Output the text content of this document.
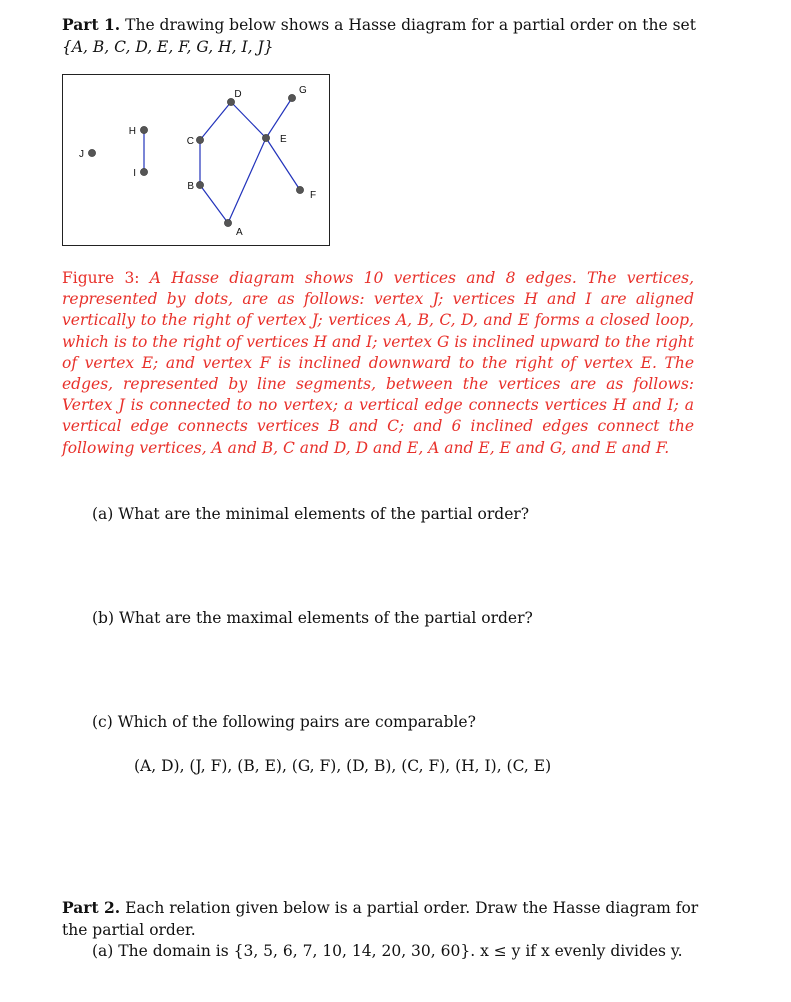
Part 1. The drawing below shows a Hasse diagram for a partial order on the set
{A, B, C, D, E, F, G, H, I, J}
A
B
C
D
E
F
G
H
I
J
Figure 3: A Hasse diagram shows 10 vertices and 8 edges. The vertices, represented by dots, are as follows: vertex J; vertices H and I are aligned vertically to the right of vertex J; vertices A, B, C, D, and E forms a closed loop, which is to the right of vertices H and I; vertex G is inclined upward to the right of vertex E; and vertex F is inclined downward to the right of vertex E. The edges, represented by line segments, between the vertices are as follows: Vertex J is connected to no vertex; a vertical edge connects vertices H and I; a vertical edge connects vertices B and C; and 6 inclined edges connect the following vertices, A and B, C and D, D and E, A and E, E and G, and E and F.
(a) What are the minimal elements of the partial order?
(b) What are the maximal elements of the partial order?
(c) Which of the following pairs are comparable?
(A, D), (J, F), (B, E), (G, F), (D, B), (C, F), (H, I), (C, E)
Part 2. Each relation given below is a partial order. Draw the Hasse diagram for the partial order.
(a) The domain is {3, 5, 6, 7, 10, 14, 20, 30, 60}. x ≤ y if x evenly divides y.
